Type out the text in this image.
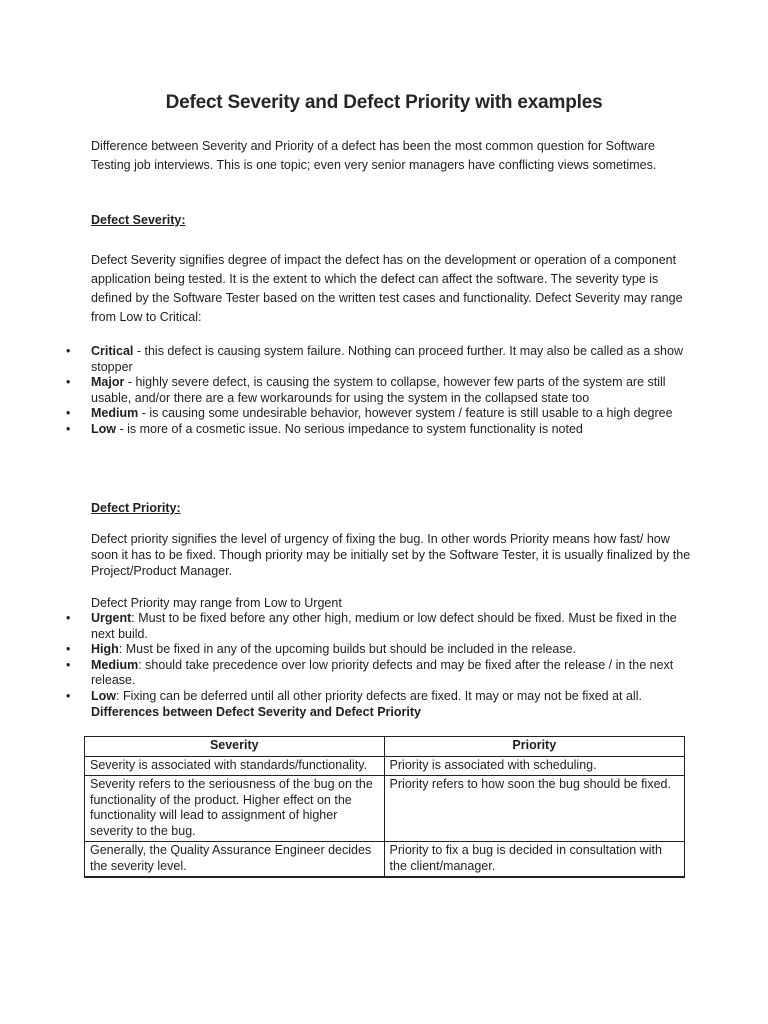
Defect Severity and Defect Priority with examples
Difference between Severity and Priority of a defect has been the most common question for Software Testing job interviews. This is one topic; even very senior managers have conflicting views sometimes.
Defect Severity:
Defect Severity signifies degree of impact the defect has on the development or operation of a component application being tested. It is the extent to which the defect can affect the software. The severity type is defined by the Software Tester based on the written test cases and functionality. Defect Severity may range from Low to Critical:
• Critical - this defect is causing system failure. Nothing can proceed further. It may also be called as a show stopper
• Major - highly severe defect, is causing the system to collapse, however few parts of the system are still usable, and/or there are a few workarounds for using the system in the collapsed state too
• Medium - is causing some undesirable behavior, however system / feature is still usable to a high degree
• Low - is more of a cosmetic issue. No serious impedance to system functionality is noted
Defect Priority:
Defect priority signifies the level of urgency of fixing the bug. In other words Priority means how fast/ how soon it has to be fixed. Though priority may be initially set by the Software Tester, it is usually finalized by the Project/Product Manager.
Defect Priority may range from Low to Urgent
• Urgent: Must to be fixed before any other high, medium or low defect should be fixed. Must be fixed in the next build.
• High: Must be fixed in any of the upcoming builds but should be included in the release.
• Medium: should take precedence over low priority defects and may be fixed after the release / in the next release.
• Low: Fixing can be deferred until all other priority defects are fixed. It may or may not be fixed at all.
Differences between Defect Severity and Defect Priority
Severity	Priority
Severity is associated with standards/functionality.	Priority is associated with scheduling.
Severity refers to the seriousness of the bug on the functionality of the product. Higher effect on the functionality will lead to assignment of higher severity to the bug.	Priority refers to how soon the bug should be fixed.
Generally, the Quality Assurance Engineer decides the severity level.	Priority to fix a bug is decided in consultation with the client/manager.
